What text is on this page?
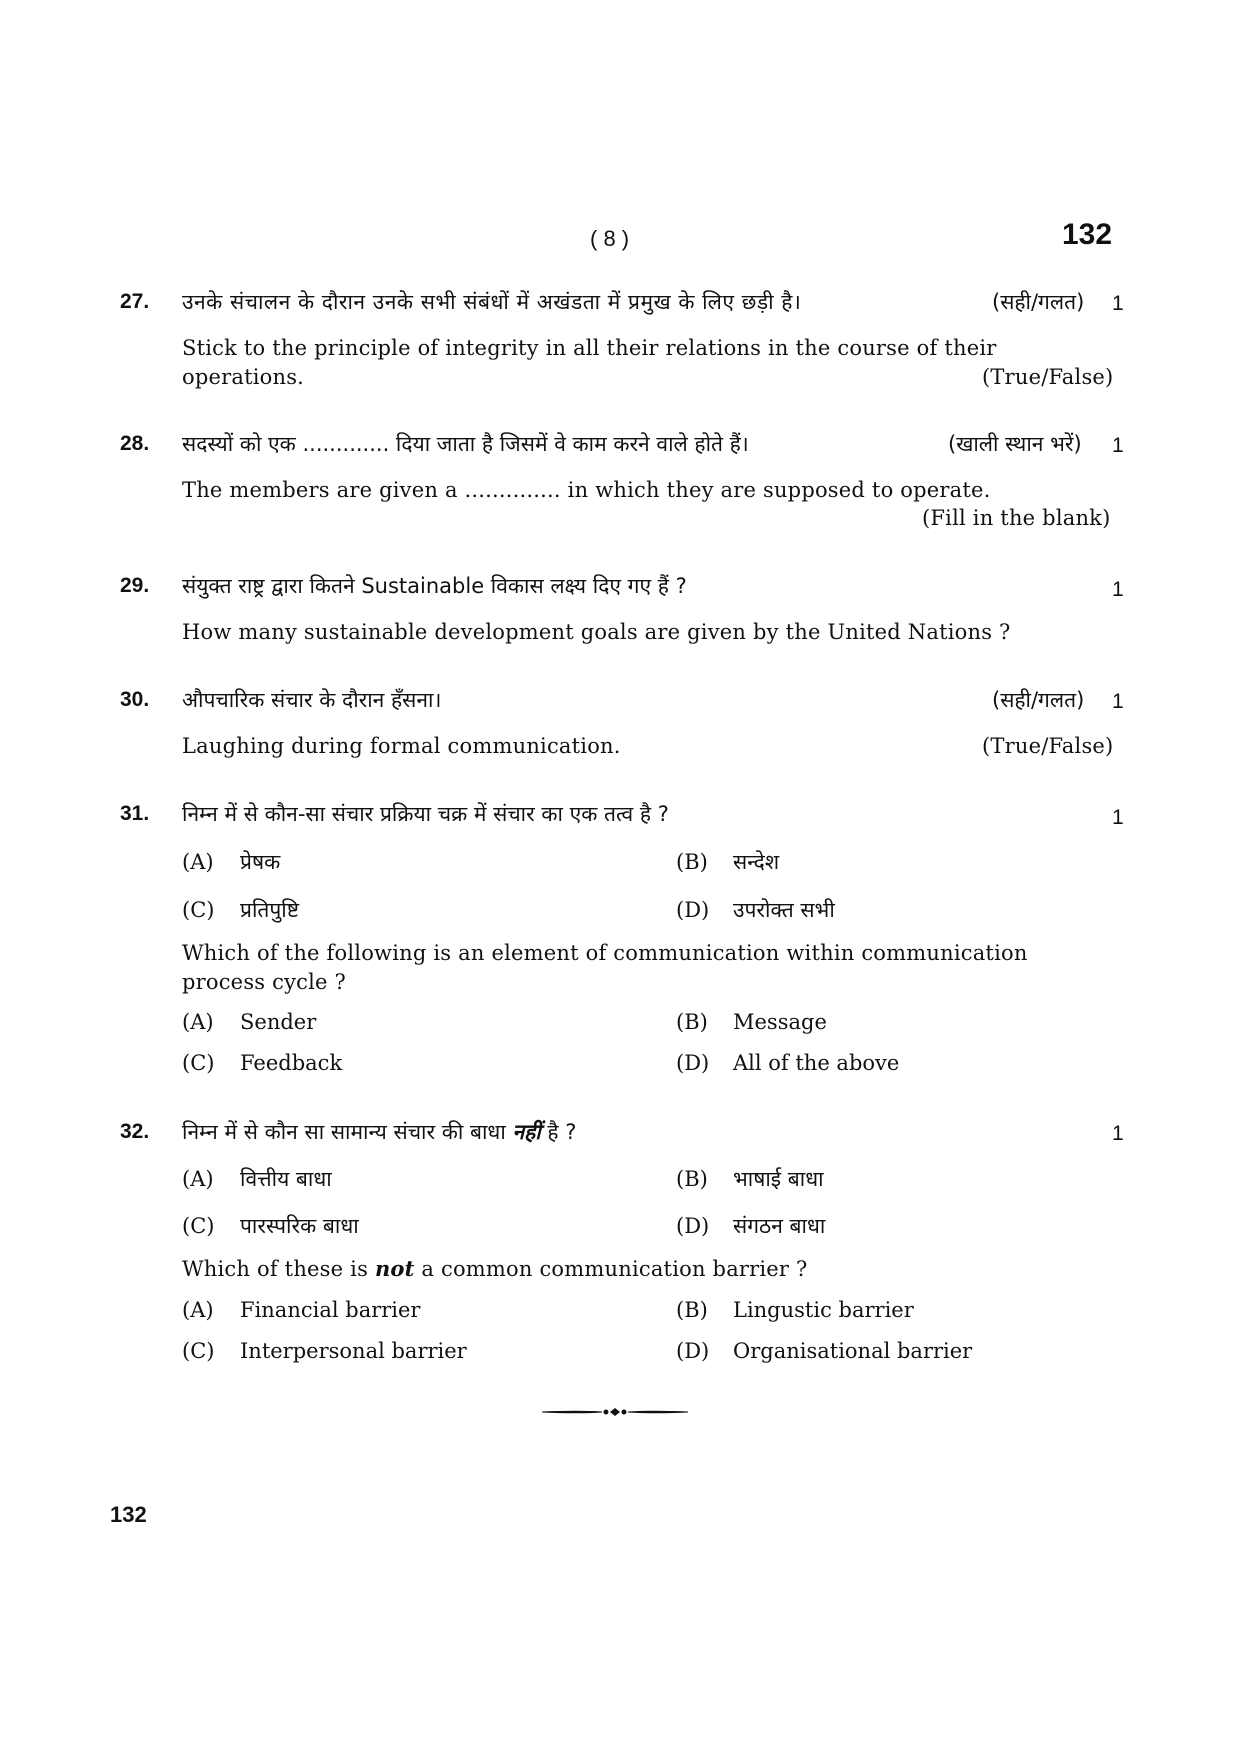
( 8 )	132
27. उनके संचालन के दौरान उनके सभी संबंधों में अखंडता में प्रमुख के लिए छड़ी है।	(सही/गलत) 1
Stick to the principle of integrity in all their relations in the course of their
operations.	(True/False)
28. सदस्यों को एक ............. दिया जाता है जिसमें वे काम करने वाले होते हैं।	(खाली स्थान भरें) 1
The members are given a .............. in which they are supposed to operate.
(Fill in the blank)
29. संयुक्त राष्ट्र द्वारा कितने Sustainable विकास लक्ष्य दिए गए हैं ?	1
How many sustainable development goals are given by the United Nations ?
30. औपचारिक संचार के दौरान हँसना।	(सही/गलत) 1
Laughing during formal communication.	(True/False)
31. निम्न में से कौन-सा संचार प्रक्रिया चक्र में संचार का एक तत्व है ?	1
(A) प्रेषक	(B) सन्देश
(C) प्रतिपुष्टि	(D) उपरोक्त सभी
Which of the following is an element of communication within communication
process cycle ?
(A) Sender	(B) Message
(C) Feedback	(D) All of the above
32. निम्न में से कौन सा सामान्य संचार की बाधा नहीं है ?	1
(A) वित्तीय बाधा	(B) भाषाई बाधा
(C) पारस्परिक बाधा	(D) संगठन बाधा
Which of these is not a common communication barrier ?
(A) Financial barrier	(B) Lingustic barrier
(C) Interpersonal barrier	(D) Organisational barrier
132
